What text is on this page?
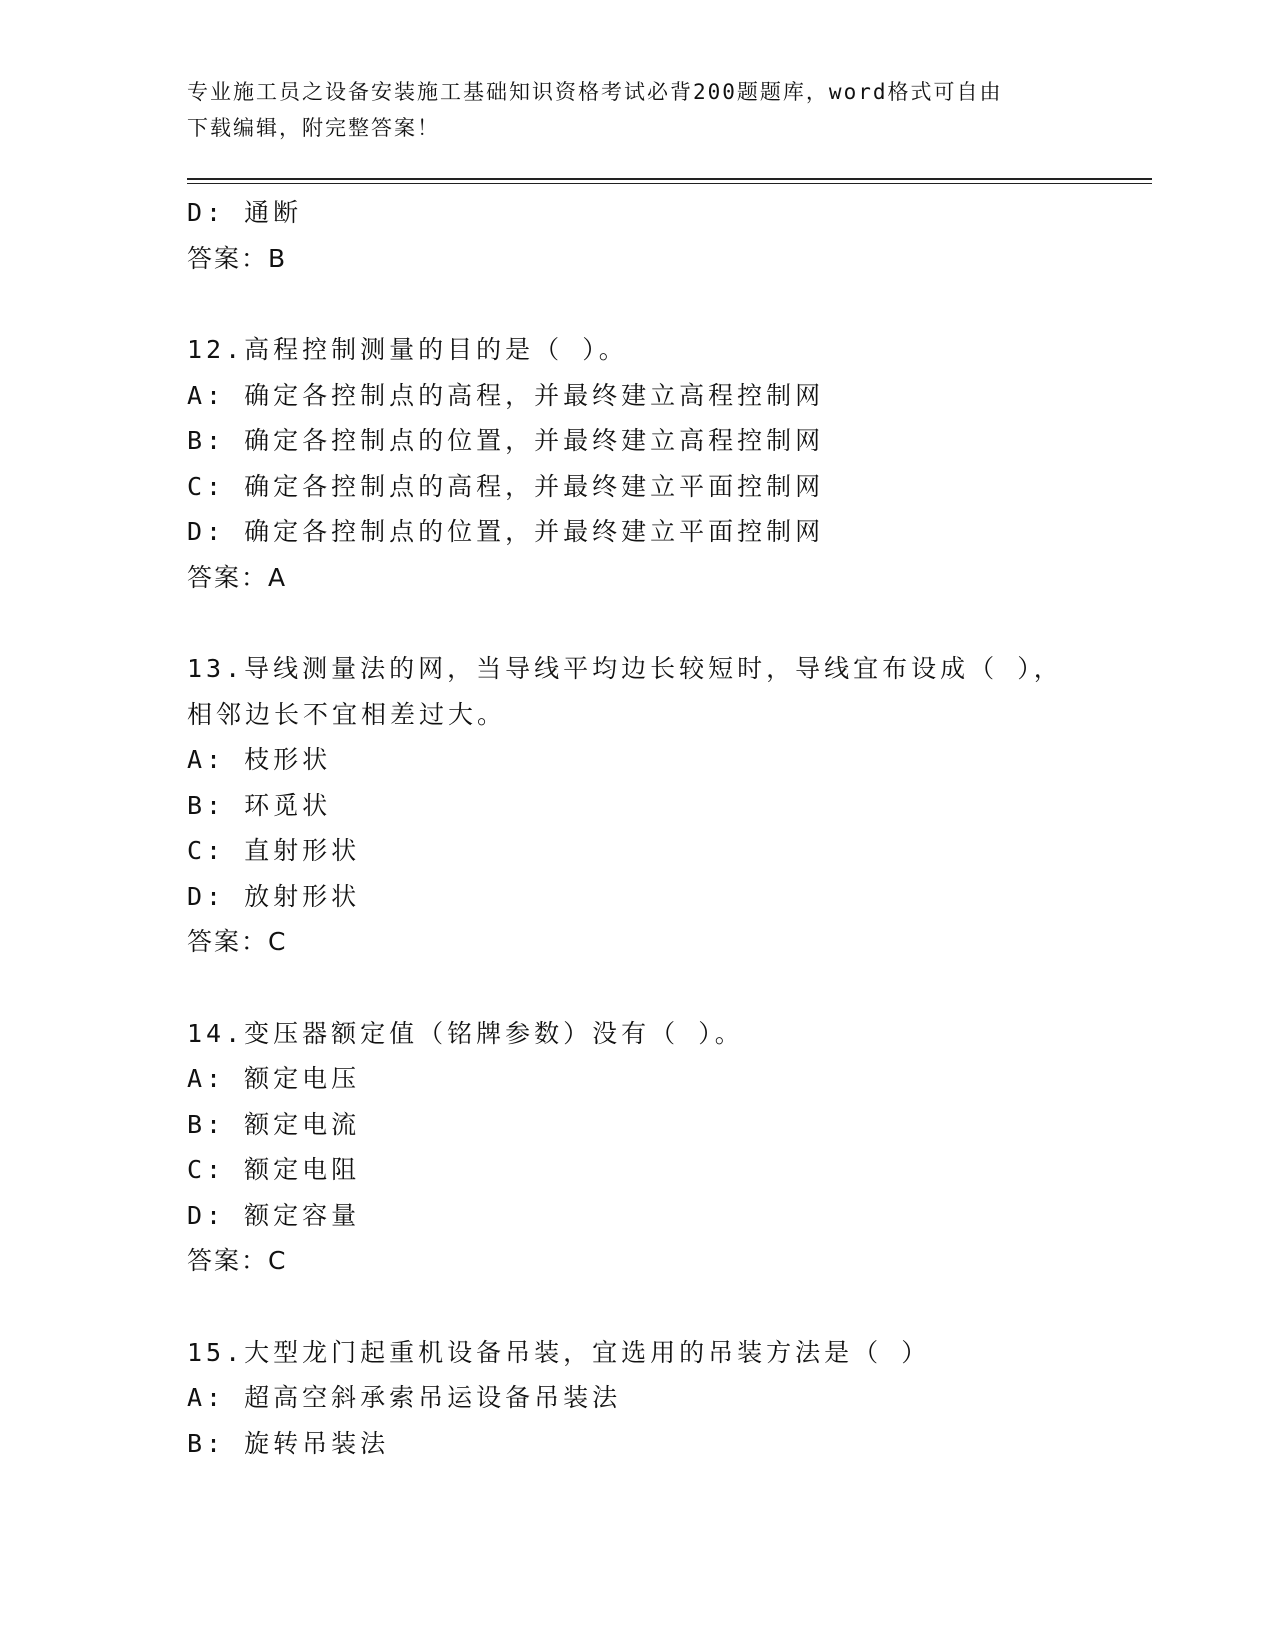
专业施工员之设备安装施工基础知识资格考试必背200题题库，word格式可自由
下载编辑，附完整答案！
D: 通断
答案：B
12.高程控制测量的目的是（ ）。
A: 确定各控制点的高程，并最终建立高程控制网
B: 确定各控制点的位置，并最终建立高程控制网
C: 确定各控制点的高程，并最终建立平面控制网
D: 确定各控制点的位置，并最终建立平面控制网
答案：A
13.导线测量法的网，当导线平均边长较短时，导线宜布设成（ ），
相邻边长不宜相差过大。
A: 枝形状
B: 环觅状
C: 直射形状
D: 放射形状
答案：C
14.变压器额定值（铭牌参数）没有（ ）。
A: 额定电压
B: 额定电流
C: 额定电阻
D: 额定容量
答案：C
15.大型龙门起重机设备吊装，宜选用的吊装方法是（ ）
A: 超高空斜承索吊运设备吊装法
B: 旋转吊装法
